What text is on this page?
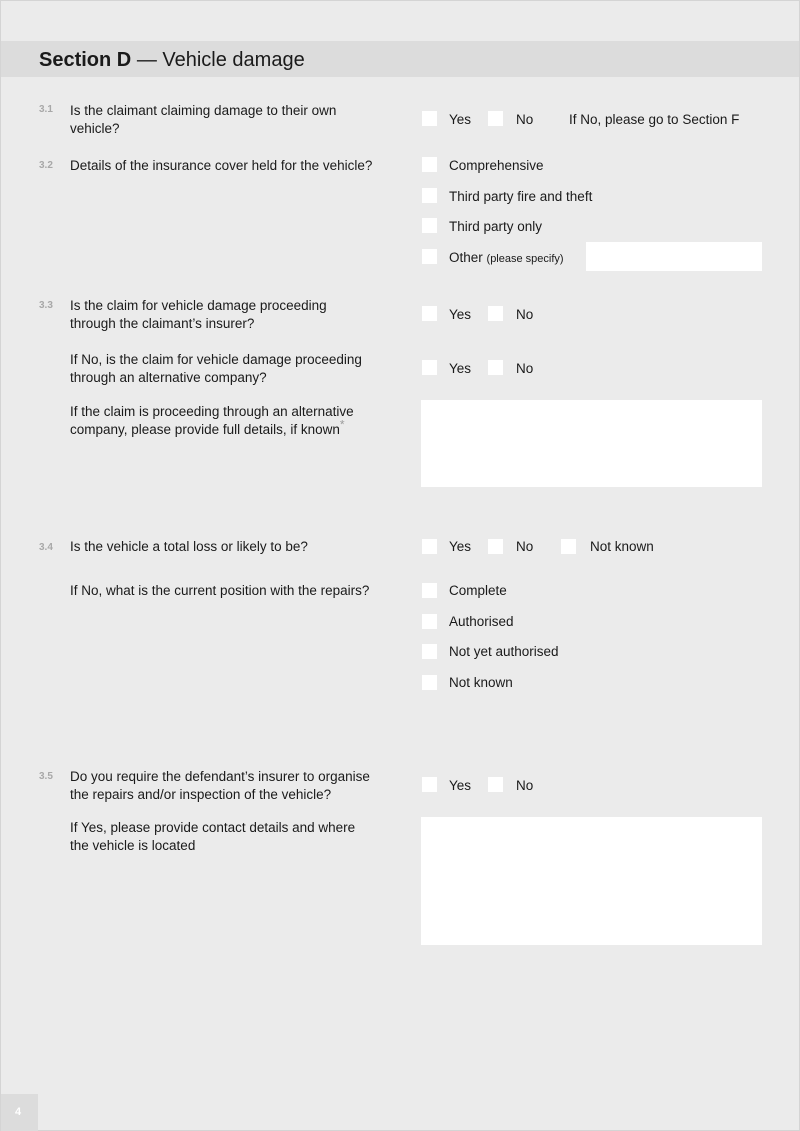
Section D — Vehicle damage
3.1 Is the claimant claiming damage to their own vehicle?
Yes	No	If No, please go to Section F
3.2 Details of the insurance cover held for the vehicle?	Comprehensive
Third party fire and theft
Third party only
Other (please specify)
3.3 Is the claim for vehicle damage proceeding through the claimant’s insurer?
Yes	No
If No, is the claim for vehicle damage proceeding through an alternative company?
Yes	No
If the claim is proceeding through an alternative company, please provide full details, if known*
3.4 Is the vehicle a total loss or likely to be?	Yes	No	Not known
If No, what is the current position with the repairs?	Complete
Authorised
Not yet authorised
Not known
3.5 Do you require the defendant’s insurer to organise the repairs and/or inspection of the vehicle?
Yes	No
If Yes, please provide contact details and where the vehicle is located
4
